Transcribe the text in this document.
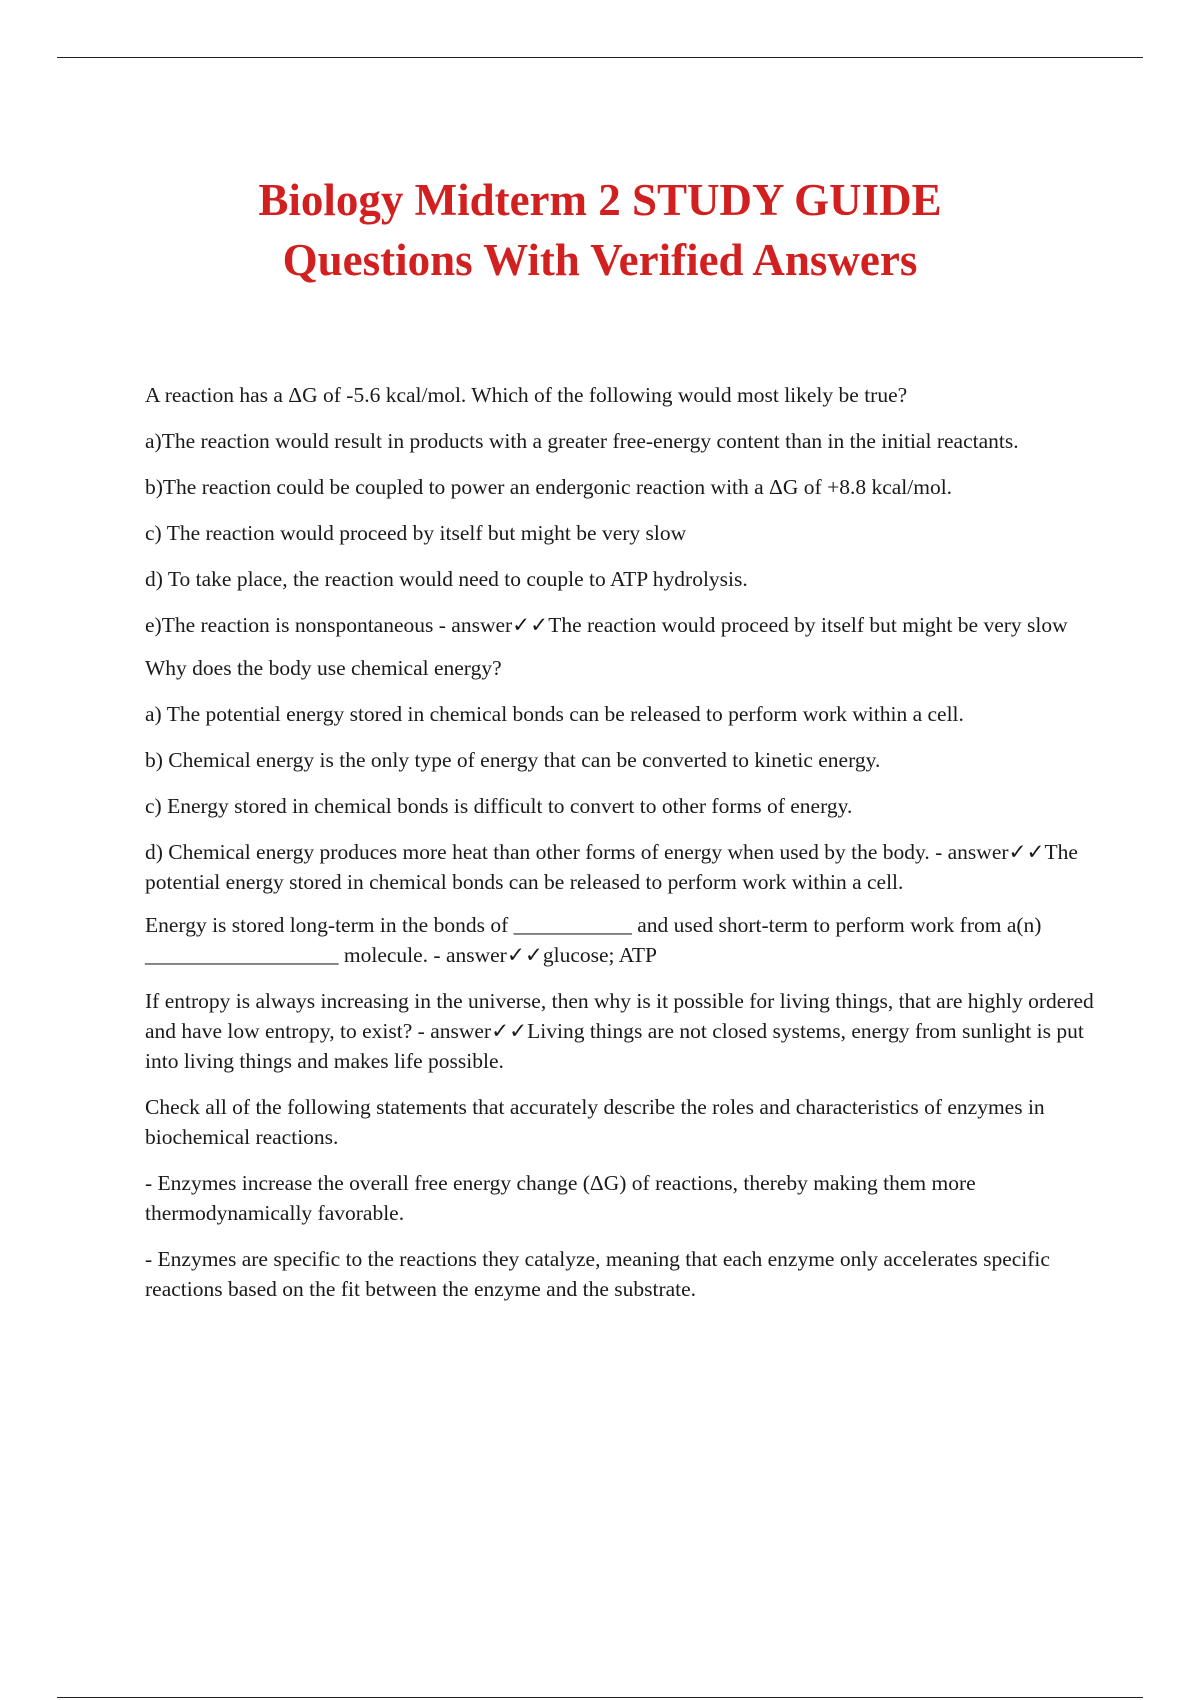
Biology Midterm 2 STUDY GUIDE
Questions With Verified Answers

A reaction has a ΔG of -5.6 kcal/mol. Which of the following would most likely be true?

a)The reaction would result in products with a greater free-energy content than in the initial reactants.

b)The reaction could be coupled to power an endergonic reaction with a ΔG of +8.8 kcal/mol.

c) The reaction would proceed by itself but might be very slow

d) To take place, the reaction would need to couple to ATP hydrolysis.

e)The reaction is nonspontaneous - answer✓✓The reaction would proceed by itself but might be very slow

Why does the body use chemical energy?

a) The potential energy stored in chemical bonds can be released to perform work within a cell.

b) Chemical energy is the only type of energy that can be converted to kinetic energy.

c) Energy stored in chemical bonds is difficult to convert to other forms of energy.

d) Chemical energy produces more heat than other forms of energy when used by the body. - answer✓✓The potential energy stored in chemical bonds can be released to perform work within a cell.

Energy is stored long-term in the bonds of ___________ and used short-term to perform work from a(n) __________________ molecule. - answer✓✓glucose; ATP

If entropy is always increasing in the universe, then why is it possible for living things, that are highly ordered and have low entropy, to exist? - answer✓✓Living things are not closed systems, energy from sunlight is put into living things and makes life possible.

Check all of the following statements that accurately describe the roles and characteristics of enzymes in biochemical reactions.

- Enzymes increase the overall free energy change (ΔG) of reactions, thereby making them more thermodynamically favorable.

- Enzymes are specific to the reactions they catalyze, meaning that each enzyme only accelerates specific reactions based on the fit between the enzyme and the substrate.
